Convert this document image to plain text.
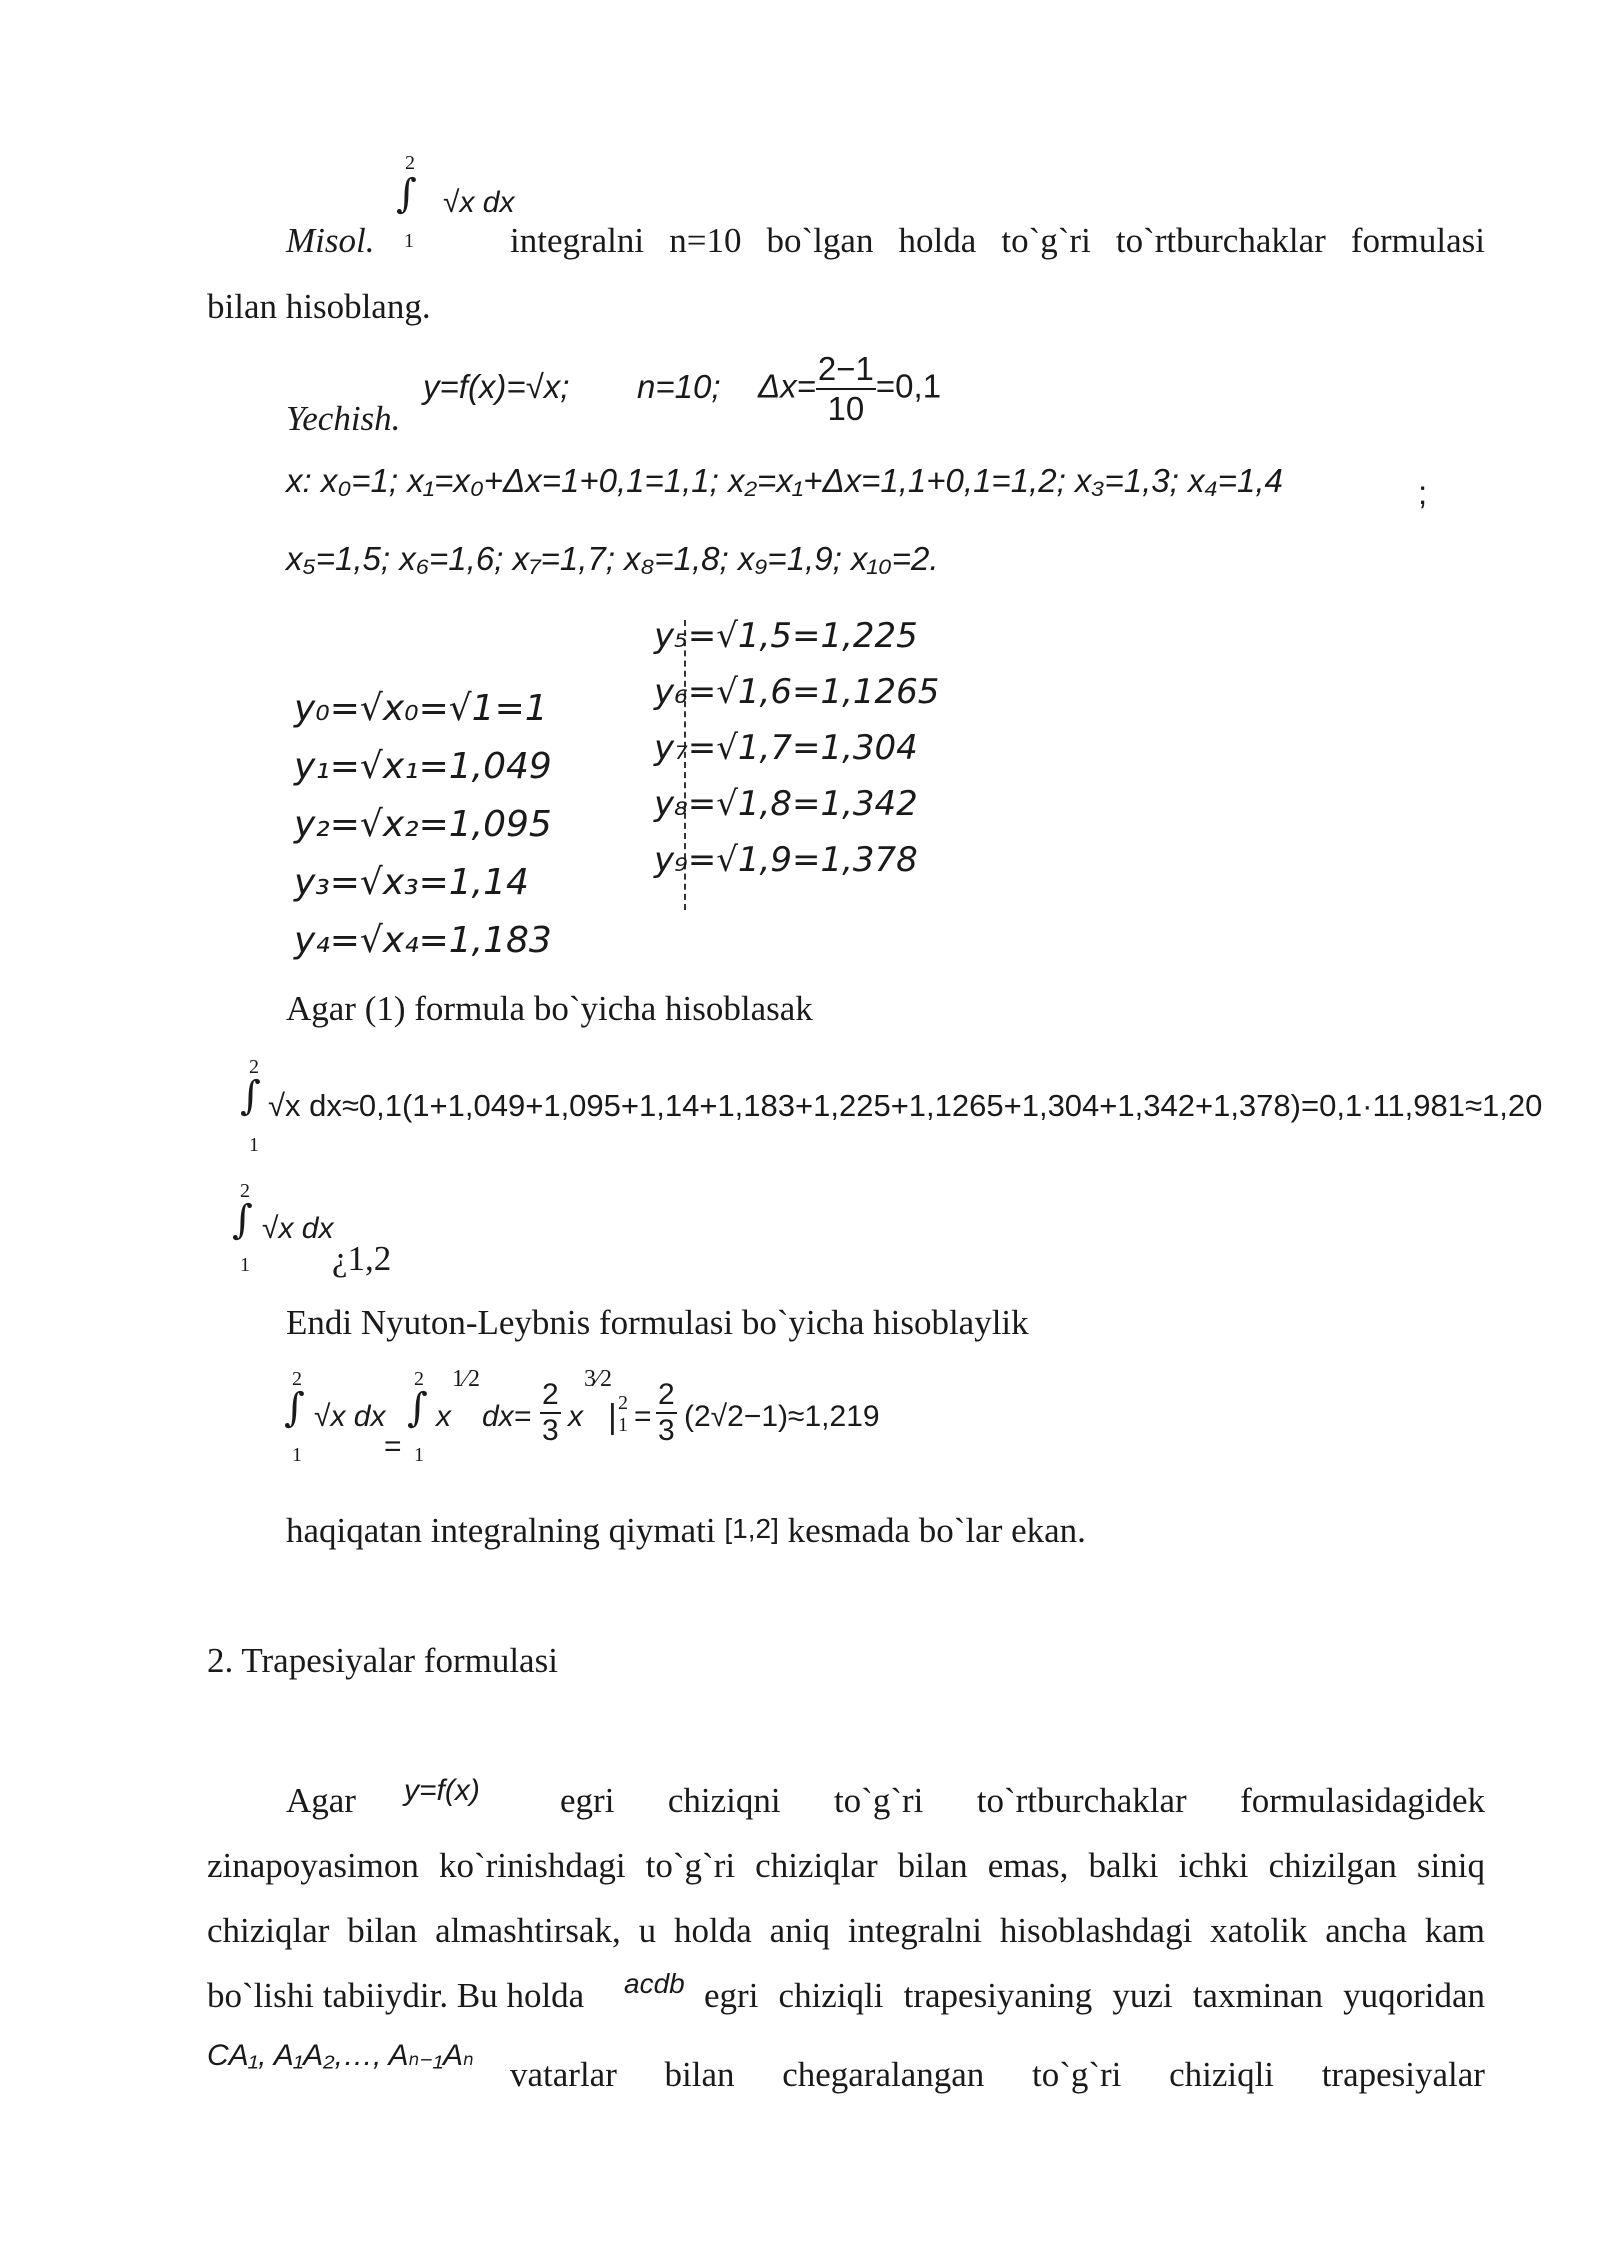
2
∫ √x dx
1
Misol.	integralni n=10 bo`lgan holda to`g`ri to`rtburchaklar formulasi
bilan hisoblang.
y=f(x)=√x; n=10; $\Delta x= \frac{2-1}{10} =0,1$
Yechish.
x: x₀=1; x₁=x₀+Δx=1+0,1=1,1; x₂=x₁+Δx=1,1+0,1=1,2; x₃=1,3; x₄=1,4	;
x₅=1,5; x₆=1,6; x₇=1,7; x₈=1,8; x₉=1,9; x₁₀=2.
y₀=√x₀=√1=1
y₁=√x₁=1,049
y₂=√x₂=1,095
y₃=√x₃=1,14
y₄=√x₄=1,183
y₅=√1,5=1,225
y₆=√1,6=1,1265
y₇=√1,7=1,304
y₈=√1,8=1,342
y₉=√1,9=1,378
Agar (1) formula bo`yicha hisoblasak
2
∫
1
√x dx≈0,1(1+1,049+1,095+1,14+1,183+1,225+1,1265+1,304+1,342+1,378)=0,1·11,981≈1,20
2
∫ √x dx
1 ¿1,2
Endi Nyuton-Leybnis formulasi bo`yicha hisoblaylik
2
∫ √x dx
1	=
2
∫
1
x
1⁄2
$dx= \frac{2}{3}$ x
3⁄2
| 2
$1 = \frac{2}{3} (2√2-1)\approx 1,219$
haqiqatan integralning qiymati [1,2] kesmada bo`lar ekan.
2. Trapesiyalar formulasi
Agar y=f(x) egri chiziqni to`g`ri to`rtburchaklar formulasidagidek
zinapoyasimon ko`rinishdagi to`g`ri chiziqlar bilan emas, balki ichki chizilgan siniq
chiziqlar bilan almashtirsak, u holda aniq integralni hisoblashdagi xatolik ancha kam
bo`lishi tabiiydir. Bu holda acdb egri chiziqli trapesiyaning yuzi taxminan yuqoridan
CA₁, A₁A₂,…, Aₙ₋₁Aₙ vatarlar bilan chegaralangan to`g`ri chiziqli trapesiyalar
